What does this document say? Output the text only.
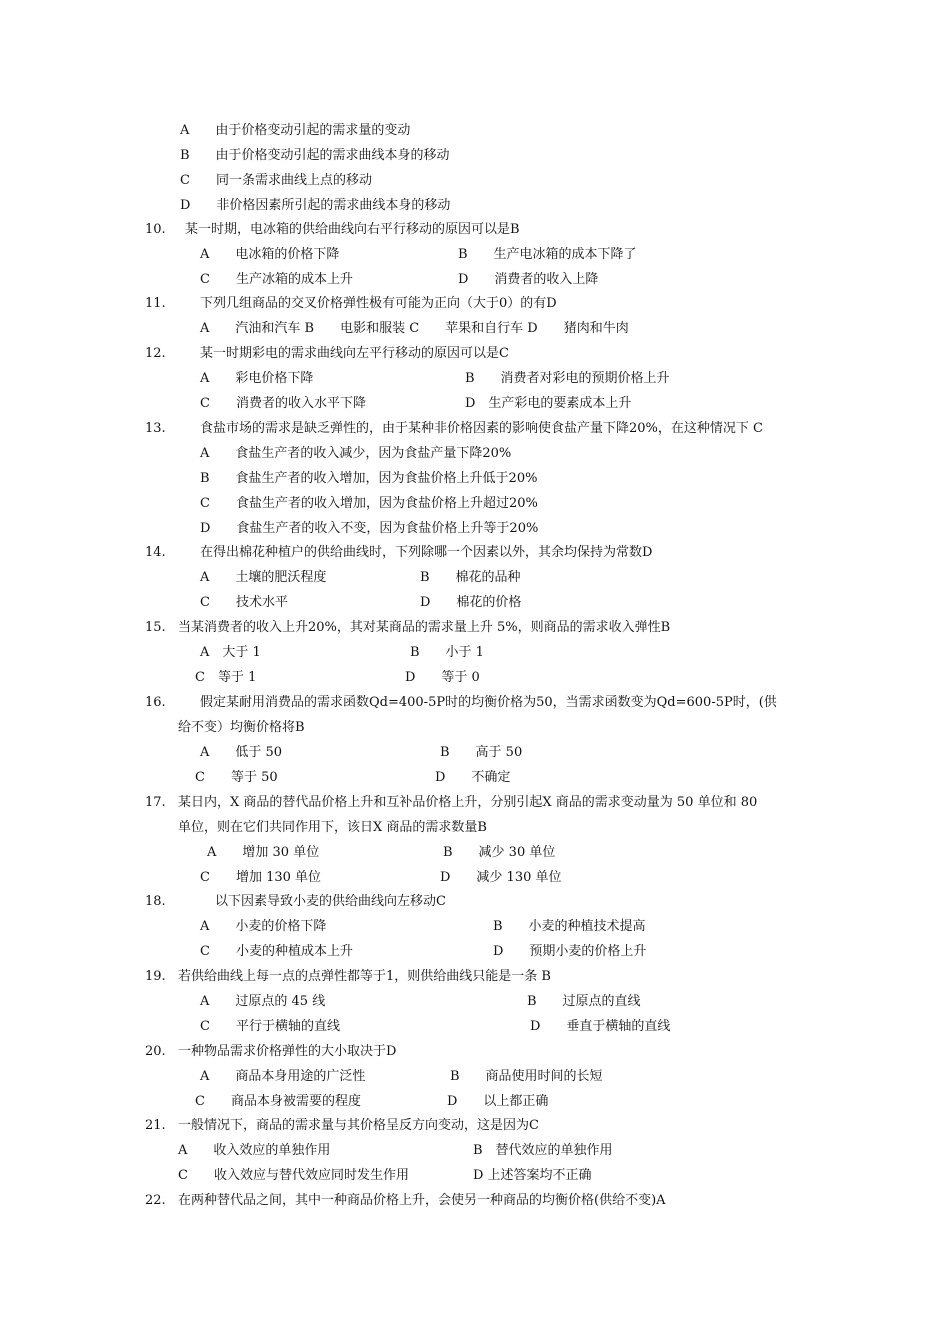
A　　由于价格变动引起的需求量的变动
B　　由于价格变动引起的需求曲线本身的移动
C　　同一条需求曲线上点的移动
D　　非价格因素所引起的需求曲线本身的移动
10. 某一时期，电冰箱的供给曲线向右平行移动的原因可以是B
A　　电冰箱的价格下降	B　　生产电冰箱的成本下降了
C　　生产冰箱的成本上升	D　　消费者的收入上降
11.	下列几组商品的交叉价格弹性极有可能为正向（大于0）的有D
A　　汽油和汽车 B　　电影和服装 C　　苹果和自行车 D　　猪肉和牛肉
12.	某一时期彩电的需求曲线向左平行移动的原因可以是C
A　　彩电价格下降	B　　消费者对彩电的预期价格上升
C　　消费者的收入水平下降	D　生产彩电的要素成本上升
13.	食盐市场的需求是缺乏弹性的，由于某种非价格因素的影响使食盐产量下降20%，在这种情况下 C
A　　食盐生产者的收入减少，因为食盐产量下降20%
B　　食盐生产者的收入增加，因为食盐价格上升低于20%
C　　食盐生产者的收入增加，因为食盐价格上升超过20%
D　　食盐生产者的收入不变，因为食盐价格上升等于20%
14.	在得出棉花种植户的供给曲线时，下列除哪一个因素以外，其余均保持为常数D
A　　土壤的肥沃程度	B　　棉花的品种
C　　技术水平	D　　棉花的价格
15. 当某消费者的收入上升20%，其对某商品的需求量上升 5%，则商品的需求收入弹性B
A　大于 1	B　　小于 1
C　等于 1	D　　等于 0
16.	假定某耐用消费品的需求函数Qd=400-5P时的均衡价格为50，当需求函数变为Qd=600-5P时，(供
给不变）均衡价格将B
A　　低于 50	B　　高于 50
C　　等于 50	D　　不确定
17. 某日内，X 商品的替代品价格上升和互补品价格上升，分别引起X 商品的需求变动量为 50 单位和 80
单位，则在它们共同作用下，该日X 商品的需求数量B
A　　增加 30 单位	B　　减少 30 单位
C　　增加 130 单位	D　　减少 130 单位
18.	以下因素导致小麦的供给曲线向左移动C
A　　小麦的价格下降	B　　小麦的种植技术提高
C　　小麦的种植成本上升	D　　预期小麦的价格上升
19. 若供给曲线上每一点的点弹性都等于1，则供给曲线只能是一条 B
A　　过原点的 45 线	B　　过原点的直线
C　　平行于横轴的直线	D　　垂直于横轴的直线
20. 一种物品需求价格弹性的大小取决于D
A　　商品本身用途的广泛性	B　　商品使用时间的长短
C　　商品本身被需要的程度	D　　以上都正确
21. 一般情况下，商品的需求量与其价格呈反方向变动，这是因为C
A　　收入效应的单独作用	B　替代效应的单独作用
C　　收入效应与替代效应同时发生作用	D 上述答案均不正确
22. 在两种替代品之间，其中一种商品价格上升，会使另一种商品的均衡价格(供给不变)A
